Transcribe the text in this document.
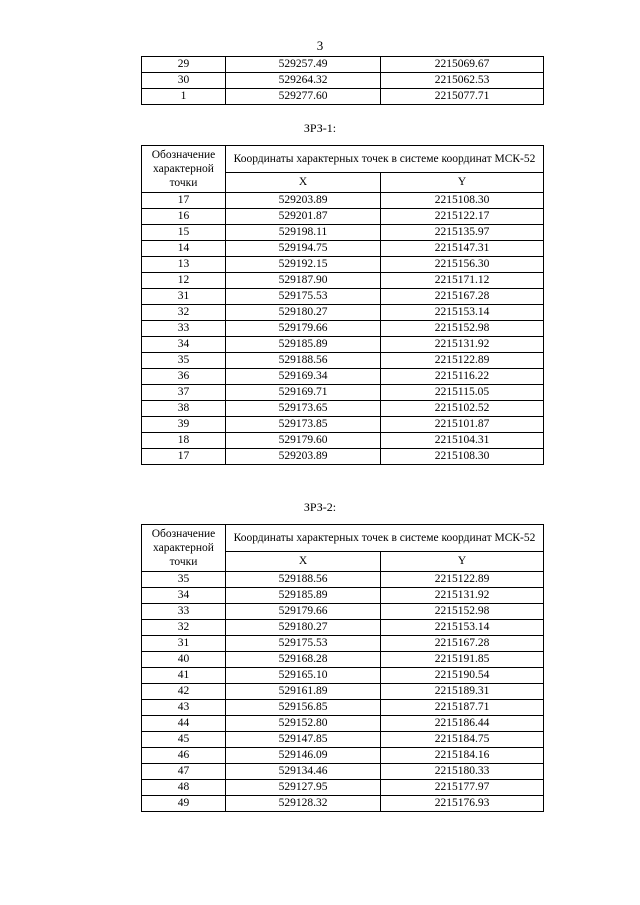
3
29	529257.49	2215069.67
30	529264.32	2215062.53
1	529277.60	2215077.71
ЗРЗ-1:
Обозначение характерной точки	Координаты характерных точек в системе координат МСК-52	
	X	Y
17	529203.89	2215108.30
16	529201.87	2215122.17
15	529198.11	2215135.97
14	529194.75	2215147.31
13	529192.15	2215156.30
12	529187.90	2215171.12
31	529175.53	2215167.28
32	529180.27	2215153.14
33	529179.66	2215152.98
34	529185.89	2215131.92
35	529188.56	2215122.89
36	529169.34	2215116.22
37	529169.71	2215115.05
38	529173.65	2215102.52
39	529173.85	2215101.87
18	529179.60	2215104.31
17	529203.89	2215108.30
ЗРЗ-2:
Обозначение характерной точки	Координаты характерных точек в системе координат МСК-52	
	X	Y
35	529188.56	2215122.89
34	529185.89	2215131.92
33	529179.66	2215152.98
32	529180.27	2215153.14
31	529175.53	2215167.28
40	529168.28	2215191.85
41	529165.10	2215190.54
42	529161.89	2215189.31
43	529156.85	2215187.71
44	529152.80	2215186.44
45	529147.85	2215184.75
46	529146.09	2215184.16
47	529134.46	2215180.33
48	529127.95	2215177.97
49	529128.32	2215176.93
